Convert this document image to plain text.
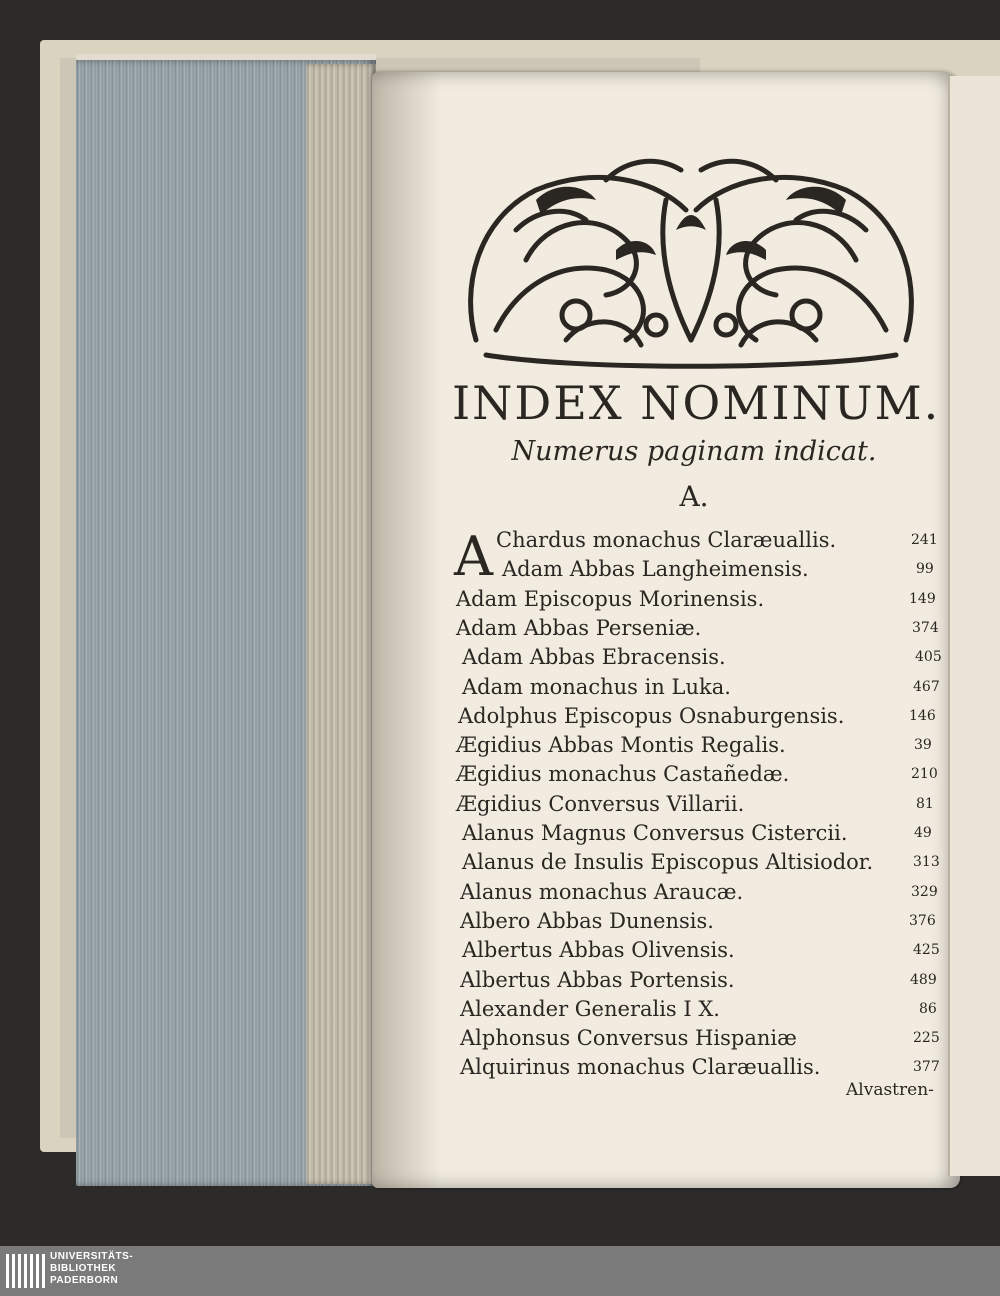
INDEX NOMINUM.
Numerus paginam indicat.
A.
A Chardus monachus Claræuallis.	241
Adam Abbas Langheimensis.	99
Adam Episcopus Morinensis.	149
Adam Abbas Perseniæ.	374
Adam Abbas Ebracensis.	405
Adam monachus in Luka.	467
Adolphus Episcopus Osnaburgensis.	146
Ægidius Abbas Montis Regalis.	39
Ægidius monachus Castañedæ.	210
Ægidius Conversus Villarii.	81
Alanus Magnus Conversus Cistercii.	49
Alanus de Insulis Episcopus Altisiodor.	313
Alanus monachus Araucæ.	329
Albero Abbas Dunensis.	376
Albertus Abbas Olivensis.	425
Albertus Abbas Portensis.	489
Alexander Generalis I X.	86
Alphonsus Conversus Hispaniæ	225
Alquirinus monachus Claræuallis.	377
Alvastren-
UNIVERSITÄTS-
BIBLIOTHEK
PADERBORN
